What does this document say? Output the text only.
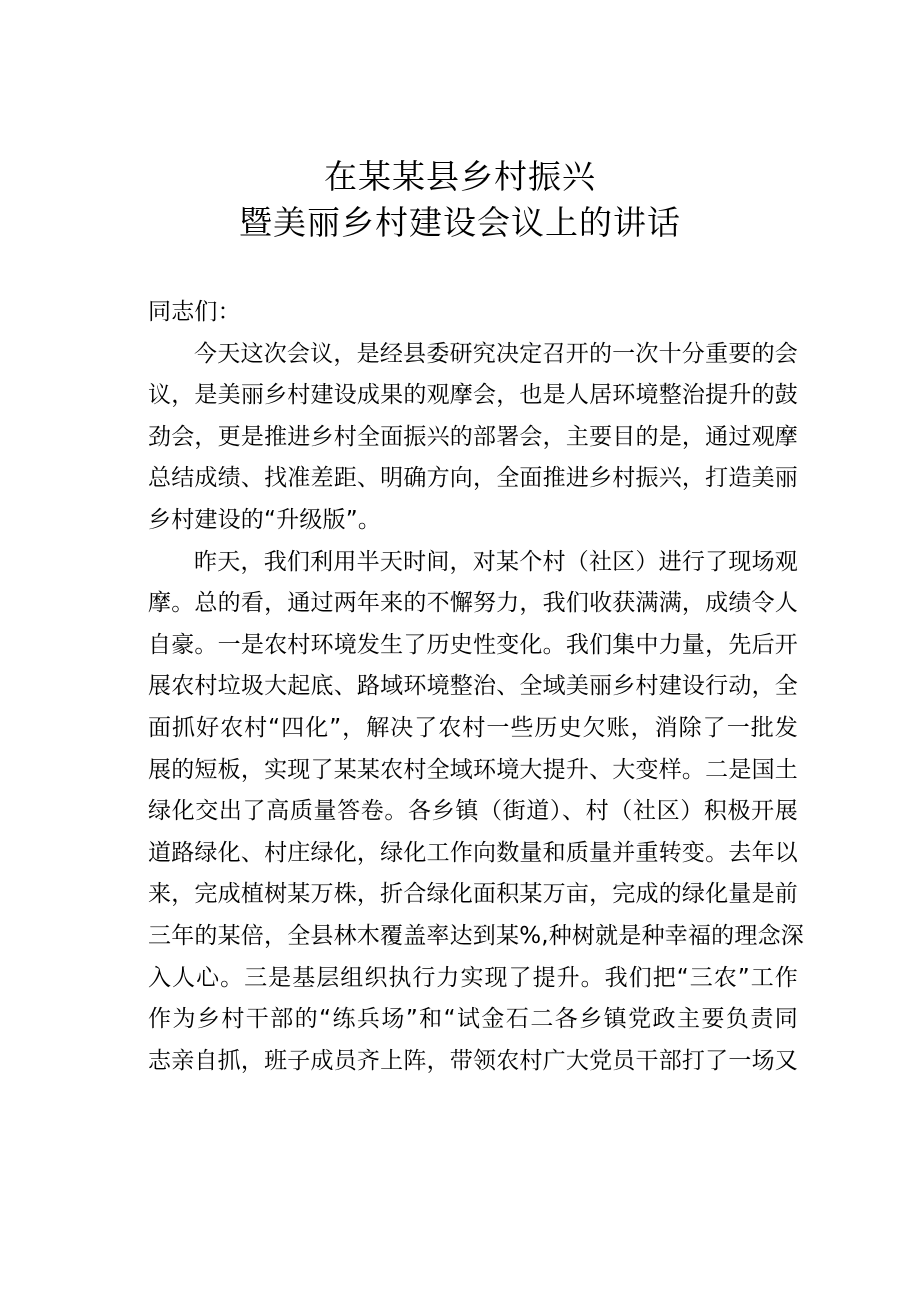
在某某县乡村振兴
暨美丽乡村建设会议上的讲话
同志们：
今天这次会议，是经县委研究决定召开的一次十分重要的会
议，是美丽乡村建设成果的观摩会，也是人居环境整治提升的鼓
劲会，更是推进乡村全面振兴的部署会，主要目的是，通过观摩
总结成绩、找准差距、明确方向，全面推进乡村振兴，打造美丽
乡村建设的“升级版”。
昨天，我们利用半天时间，对某个村（社区）进行了现场观
摩。总的看，通过两年来的不懈努力，我们收获满满，成绩令人
自豪。一是农村环境发生了历史性变化。我们集中力量，先后开
展农村垃圾大起底、路域环境整治、全域美丽乡村建设行动，全
面抓好农村“四化”，解决了农村一些历史欠账，消除了一批发
展的短板，实现了某某农村全域环境大提升、大变样。二是国土
绿化交出了高质量答卷。各乡镇（街道）、村（社区）积极开展
道路绿化、村庄绿化，绿化工作向数量和质量并重转变。去年以
来，完成植树某万株，折合绿化面积某万亩，完成的绿化量是前
三年的某倍，全县林木覆盖率达到某%,种树就是种幸福的理念深
入人心。三是基层组织执行力实现了提升。我们把“三农”工作
作为乡村干部的“练兵场”和“试金石二各乡镇党政主要负责同
志亲自抓，班子成员齐上阵，带领农村广大党员干部打了一场又
